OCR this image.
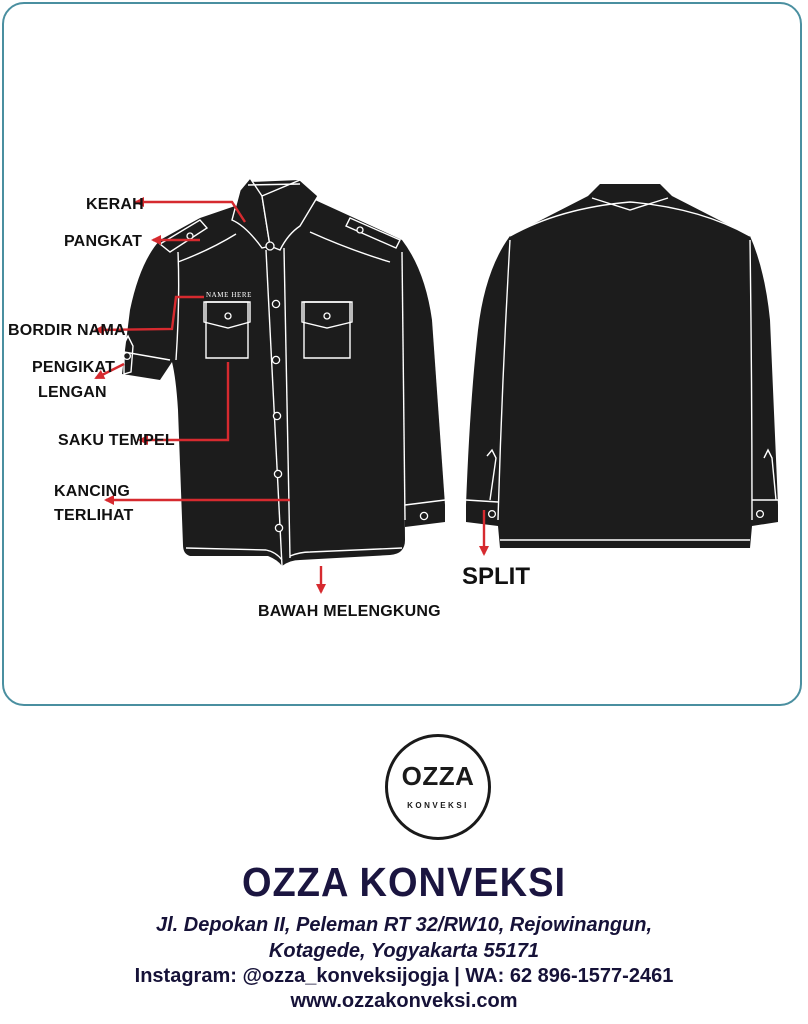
NAME HERE
KERAH
PANGKAT
BORDIR NAMA
PENGIKAT
LENGAN
SAKU TEMPEL
KANCING
TERLIHAT
BAWAH MELENGKUNG
SPLIT
OZZA
KONVEKSI
OZZA KONVEKSI
Jl. Depokan II, Peleman RT 32/RW10, Rejowinangun,
Kotagede, Yogyakarta 55171
Instagram: @ozza_konveksijogja | WA: 62 896-1577-2461
www.ozzakonveksi.com
